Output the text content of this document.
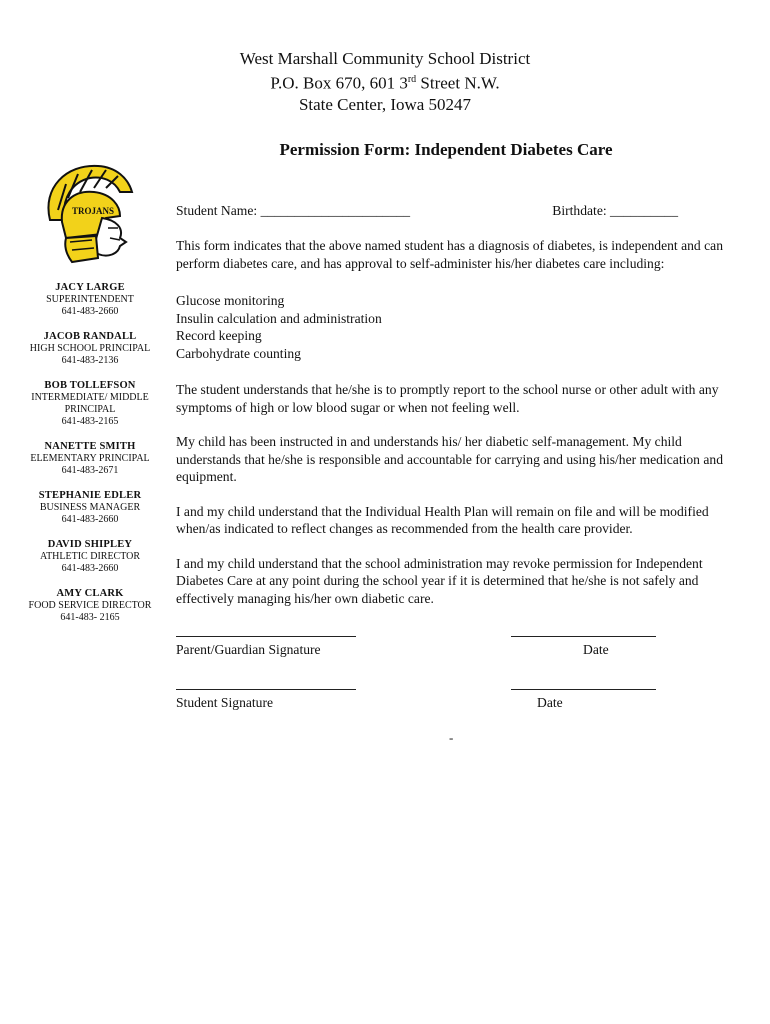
West Marshall Community School District
P.O. Box 670, 601 3rd Street N.W.
State Center, Iowa 50247
Permission Form: Independent Diabetes Care
TROJANS
JACY LARGE
SUPERINTENDENT
641-483-2660
JACOB RANDALL
HIGH SCHOOL PRINCIPAL
641-483-2136
BOB TOLLEFSON
INTERMEDIATE/ MIDDLE PRINCIPAL
641-483-2165
NANETTE SMITH
ELEMENTARY PRINCIPAL
641-483-2671
STEPHANIE EDLER
BUSINESS MANAGER
641-483-2660
DAVID SHIPLEY
ATHLETIC DIRECTOR
641-483-2660
AMY CLARK
FOOD SERVICE DIRECTOR
641-483- 2165
Student Name: ______________________	Birthdate: __________

This form indicates that the above named student has a diagnosis of diabetes, is independent and can perform diabetes care, and has approval to self-administer his/her diabetes care including:

Glucose monitoring
Insulin calculation and administration
Record keeping
Carbohydrate counting

The student understands that he/she is to promptly report to the school nurse or other adult with any symptoms of high or low blood sugar or when not feeling well.

My child has been instructed in and understands his/ her diabetic self-management. My child understands that he/she is responsible and accountable for carrying and using his/her medication and equipment.

I and my child understand that the Individual Health Plan will remain on file and will be modified when/as indicated to reflect changes as recommended from the health care provider.

I and my child understand that the school administration may revoke permission for Independent Diabetes Care at any point during the school year if it is determined that he/she is not safely and effectively managing his/her own diabetic care.

Parent/Guardian Signature	Date
Student Signature	Date
-
